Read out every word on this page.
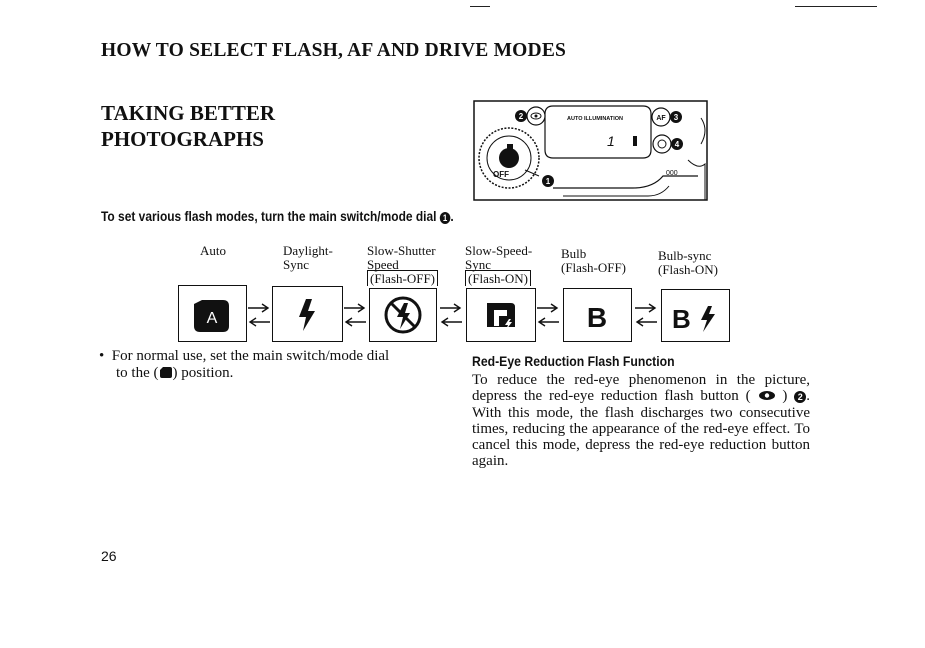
HOW TO SELECT FLASH, AF AND DRIVE MODES
TAKING BETTER
PHOTOGRAPHS
AUTO ILLUMINATION
1
2	AF 3
4
OFF
1
000
To set various flash modes, turn the main switch/mode dial 1 .
Auto	Daylight-
Sync
Slow-Shutter
Speed
(Flash-OFF)
Slow-Speed-
Sync
(Flash-ON)
Bulb
(Flash-OFF)
Bulb-sync
(Flash-ON)
A	B B
•  For normal use, set the main switch/mode dial
to the ( ) position.
Red-Eye Reduction Flash Function
To reduce the red-eye phenomenon in the picture, depress the red-eye reduction flash button ( ) 2 . With this mode, the flash discharges two consecutive times, reducing the appearance of the red-eye effect. To cancel this mode, depress the red-eye reduction button again.
26
